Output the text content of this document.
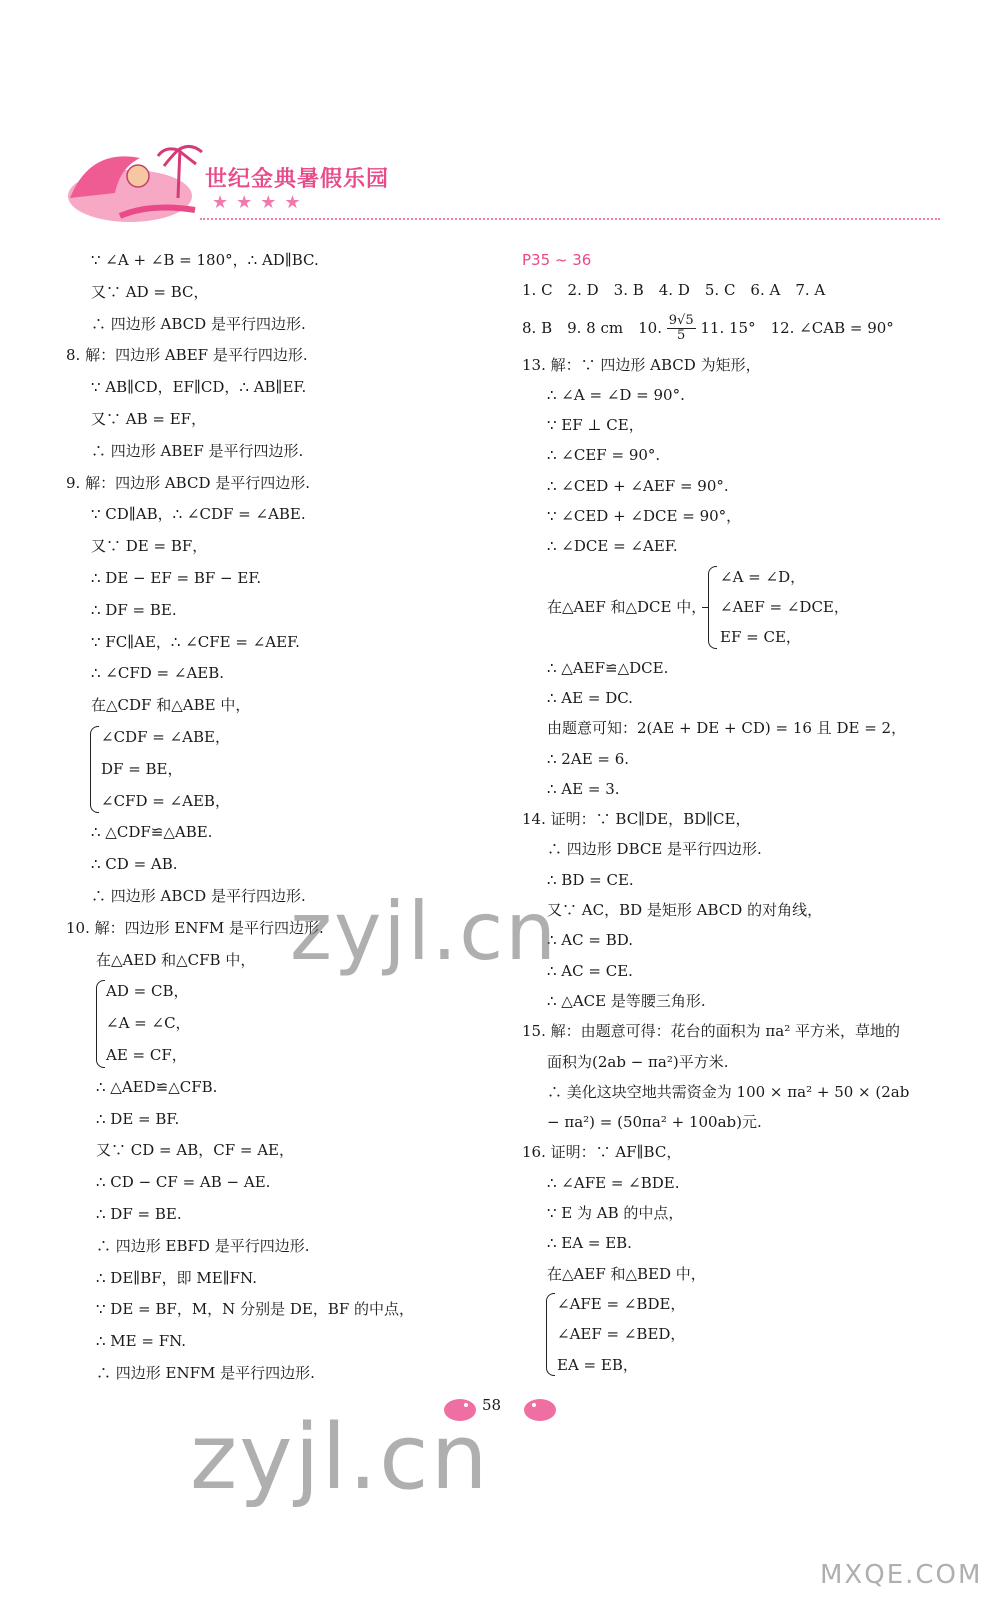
世纪金典暑假乐园
★★★★
∵ ∠A + ∠B = 180°，∴ AD∥BC.
又∵ AD = BC，
∴ 四边形 ABCD 是平行四边形.
8. 解：四边形 ABEF 是平行四边形.
∵ AB∥CD，EF∥CD，∴ AB∥EF.
又∵ AB = EF，
∴ 四边形 ABEF 是平行四边形.
9. 解：四边形 ABCD 是平行四边形.
∵ CD∥AB，∴ ∠CDF = ∠ABE.
又∵ DE = BF，
∴ DE − EF = BF − EF.
∴ DF = BE.
∵ FC∥AE，∴ ∠CFE = ∠AEF.
∴ ∠CFD = ∠AEB.
在△CDF 和△ABE 中，
∠CDF = ∠ABE，
DF = BE，
∠CFD = ∠AEB，
∴ △CDF≌△ABE.
∴ CD = AB.
∴ 四边形 ABCD 是平行四边形.
10. 解：四边形 ENFM 是平行四边形.
在△AED 和△CFB 中，
AD = CB，
∠A = ∠C，
AE = CF，
∴ △AED≌△CFB.
∴ DE = BF.
又∵ CD = AB，CF = AE，
∴ CD − CF = AB − AE.
∴ DF = BE.
∴ 四边形 EBFD 是平行四边形.
∴ DE∥BF，即 ME∥FN.
∵ DE = BF，M，N 分别是 DE，BF 的中点，
∴ ME = FN.
∴ 四边形 ENFM 是平行四边形.
P35 ~ 36
1. C　2. D　3. B　4. D　5. C　6. A　7. A
8. B　9. 8 cm　10. $\frac{9√5}{5} 11$. 15°　12. ∠CAB = 90°
13. 解：∵ 四边形 ABCD 为矩形，
∴ ∠A = ∠D = 90°.
∵ EF ⊥ CE，
∴ ∠CEF = 90°.
∴ ∠CED + ∠AEF = 90°.
∵ ∠CED + ∠DCE = 90°，
∴ ∠DCE = ∠AEF.
在△AEF 和△DCE 中，
∠A = ∠D，
∠AEF = ∠DCE，
EF = CE，
∴ △AEF≌△DCE.
∴ AE = DC.
由题意可知：2(AE + DE + CD) = 16 且 DE = 2，
∴ 2AE = 6.
∴ AE = 3.
14. 证明：∵ BC∥DE，BD∥CE，
∴ 四边形 DBCE 是平行四边形.
∴ BD = CE.
又∵ AC，BD 是矩形 ABCD 的对角线，
∴ AC = BD.
∴ AC = CE.
∴ △ACE 是等腰三角形.
15. 解：由题意可得：花台的面积为 πa² 平方米，草地的
面积为(2ab − πa²)平方米.
∴ 美化这块空地共需资金为 100 × πa² + 50 × (2ab
− πa²) = (50πa² + 100ab)元.
16. 证明：∵ AF∥BC，
∴ ∠AFE = ∠BDE.
∵ E 为 AB 的中点，
∴ EA = EB.
在△AEF 和△BED 中，
∠AFE = ∠BDE，
∠AEF = ∠BED，
EA = EB，
58
zyjl.cn
zyjl.cn
MXQE.COM
